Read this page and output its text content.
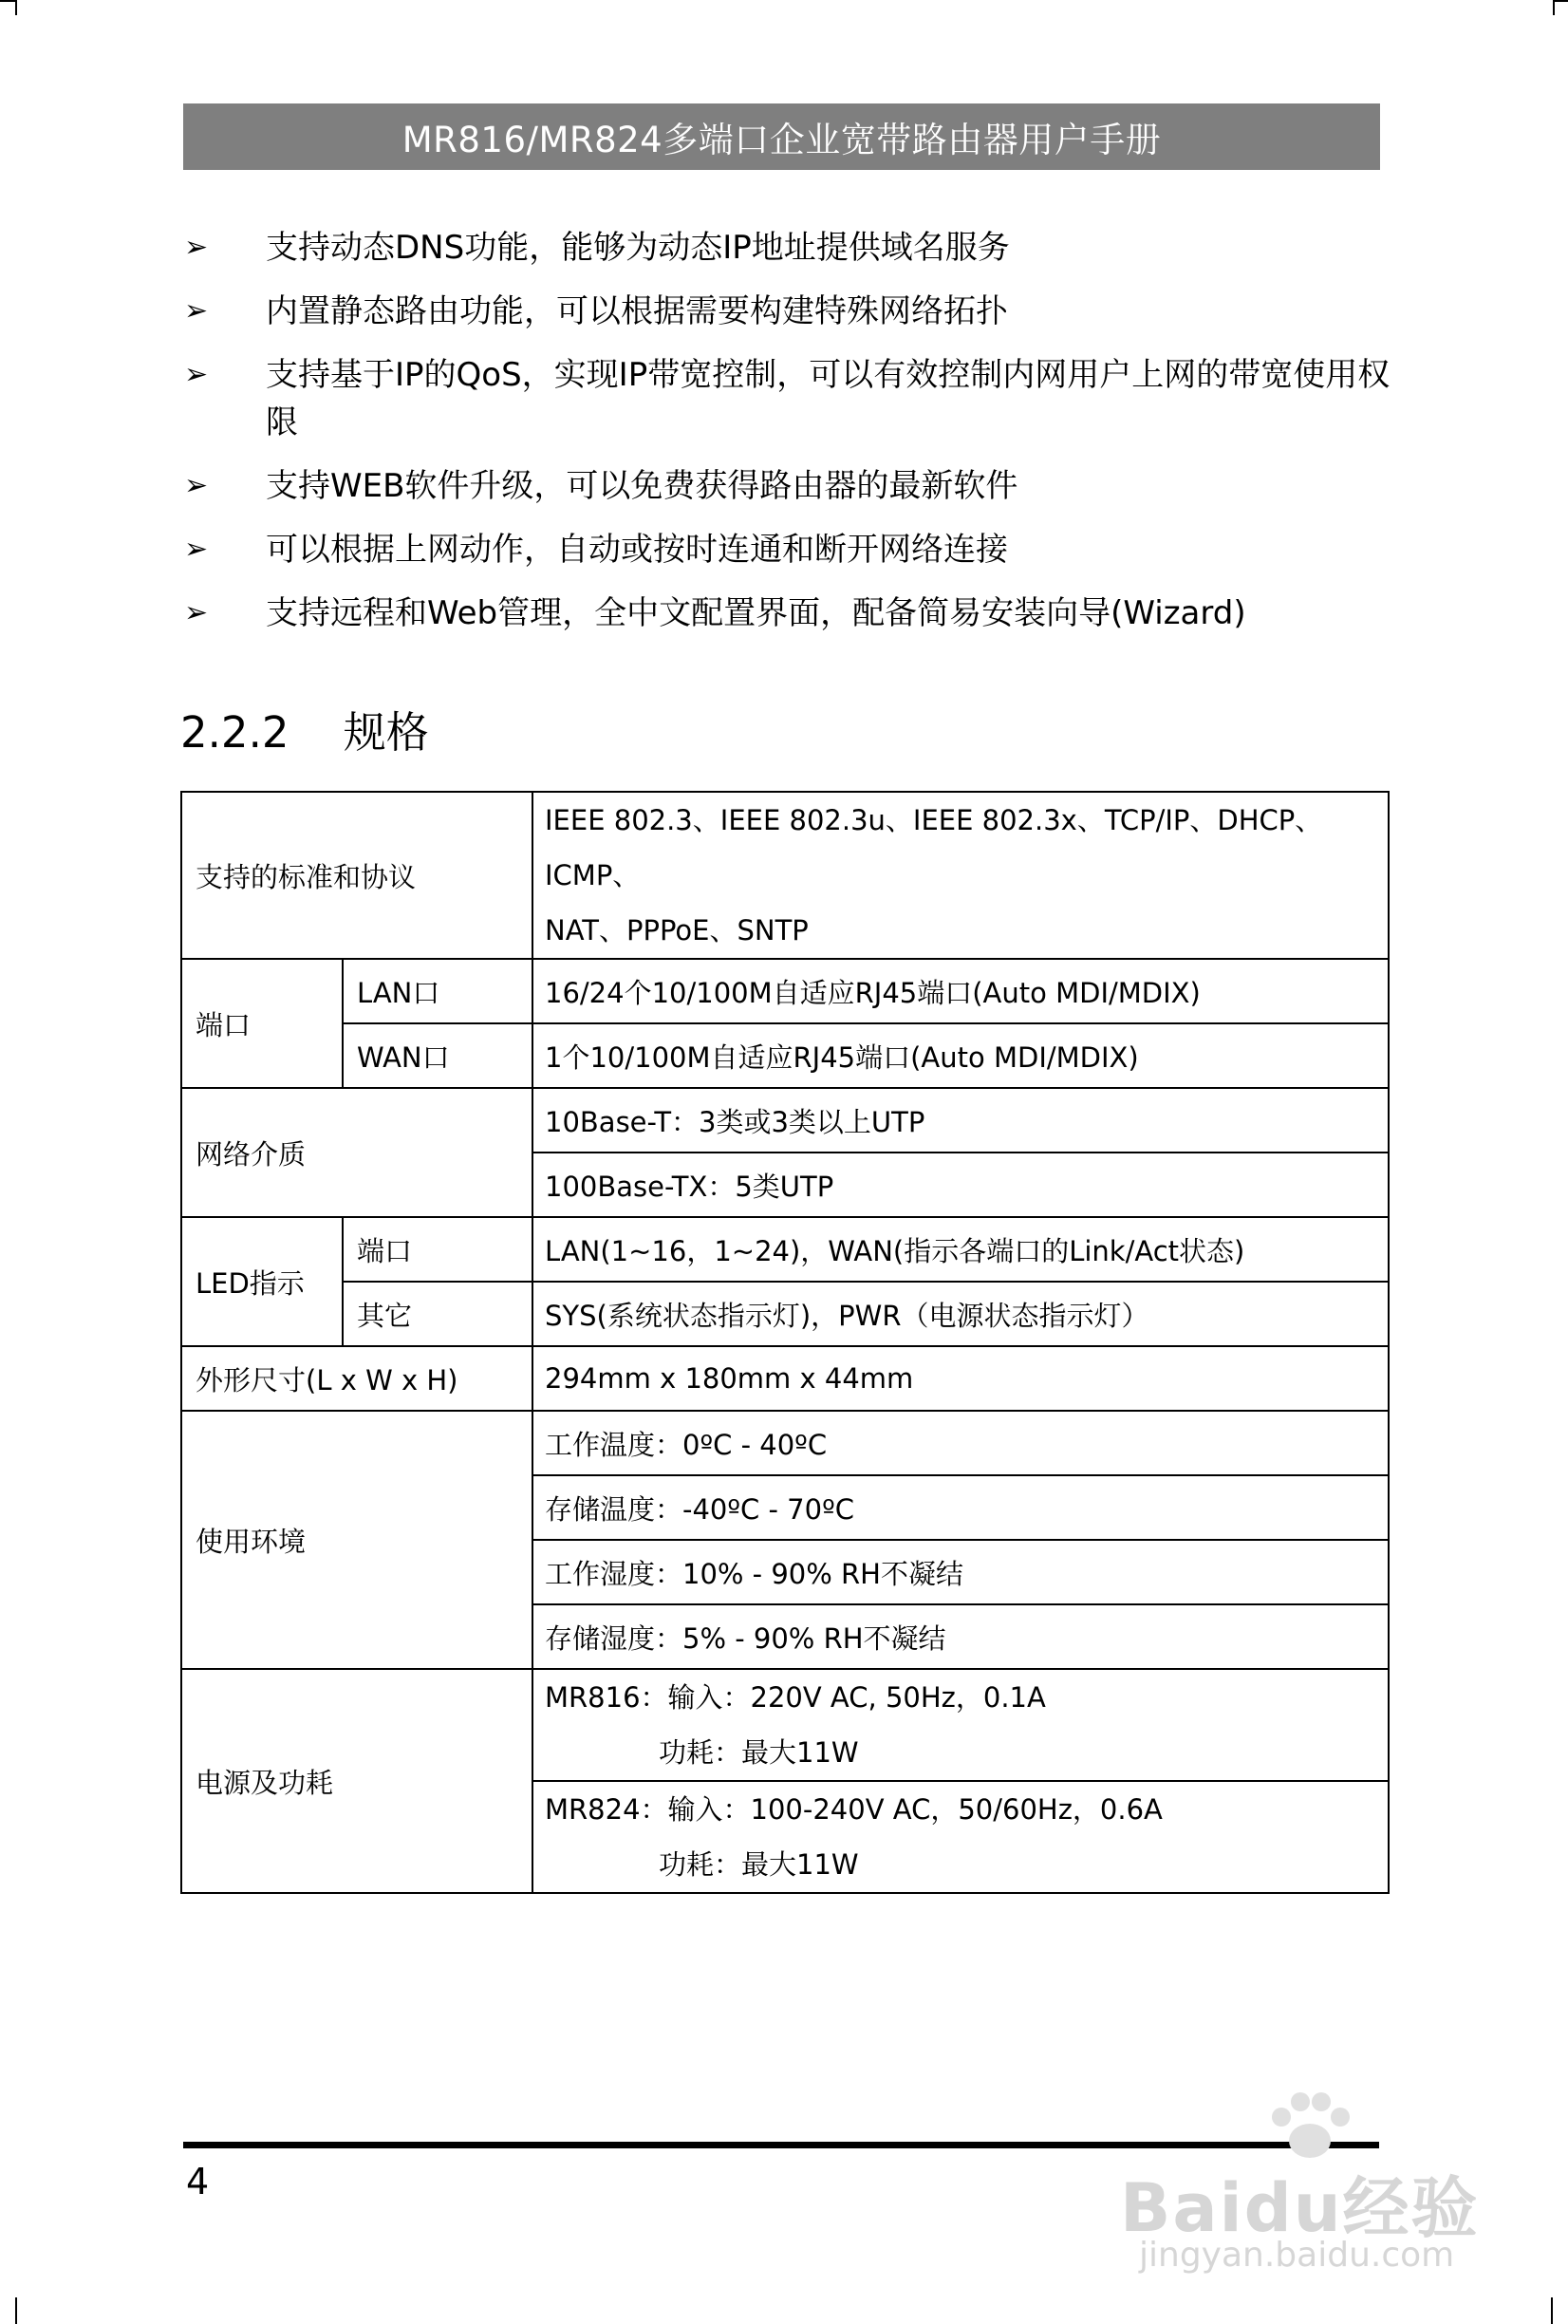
MR816/MR824多端口企业宽带路由器用户手册
➢ 支持动态DNS功能，能够为动态IP地址提供域名服务
➢ 内置静态路由功能，可以根据需要构建特殊网络拓扑
➢ 支持基于IP的QoS，实现IP带宽控制，可以有效控制内网用户上网的带宽使用权限
➢ 支持WEB软件升级，可以免费获得路由器的最新软件
➢ 可以根据上网动作，自动或按时连通和断开网络连接
➢ 支持远程和Web管理，全中文配置界面，配备简易安装向导(Wizard)
2.2.2 规格
支持的标准和协议		IEEE 802.3、IEEE 802.3u、IEEE 802.3x、TCP/IP、DHCP、ICMP、
NAT、PPPoE、SNTP
端口	LAN口	16/24个10/100M自适应RJ45端口(Auto MDI/MDIX)
	WAN口	1个10/100M自适应RJ45端口(Auto MDI/MDIX)
网络介质		10Base-T：3类或3类以上UTP
		100Base-TX：5类UTP
LED指示	端口	LAN(1~16，1~24)，WAN(指示各端口的Link/Act状态)
	其它	SYS(系统状态指示灯)，PWR（电源状态指示灯）
外形尺寸(L x W x H)		294mm x 180mm x 44mm
使用环境		工作温度：0ºC - 40ºC
		存储温度：-40ºC - 70ºC
		工作湿度：10% - 90% RH不凝结
		存储湿度：5% - 90% RH不凝结
电源及功耗		MR816：输入：220V AC, 50Hz，0.1A
功耗：最大11W
		MR824：输入：100-240V AC，50/60Hz，0.6A
功耗：最大11W
4	Baidu经验
jingyan.baidu.com
